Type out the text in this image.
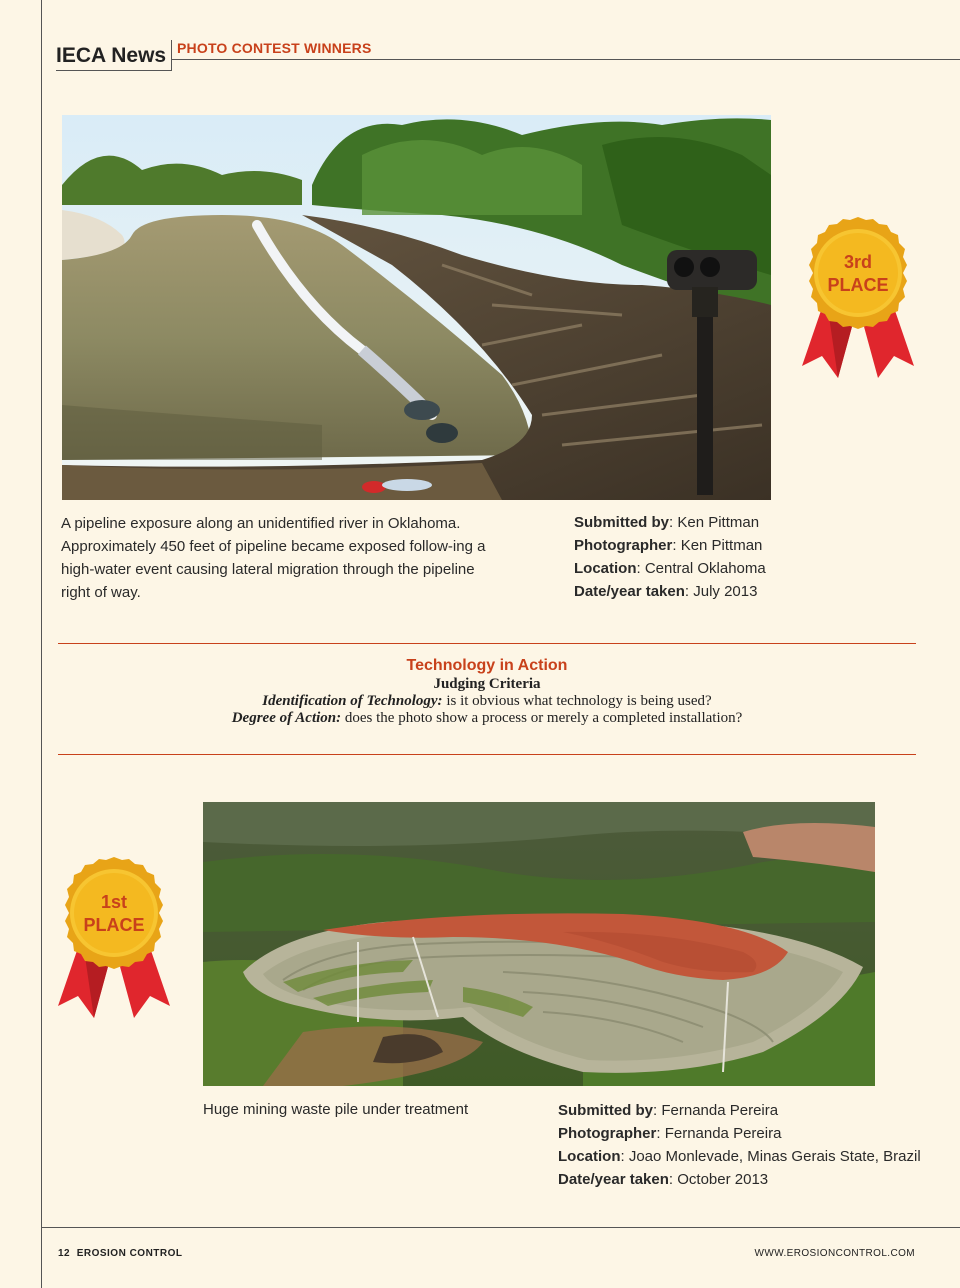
IECA News PHOTO CONTEST WINNERS
3rd
PLACE
A pipeline exposure along an unidentified river in Oklahoma. Approximately 450 feet of pipeline became exposed follow-ing a high-water event causing lateral migration through the pipeline right of way.
Submitted by: Ken Pittman
Photographer: Ken Pittman
Location: Central Oklahoma
Date/year taken: July 2013
Technology in Action
Judging Criteria
Identification of Technology: is it obvious what technology is being used?
Degree of Action: does the photo show a process or merely a completed installation?
1st
PLACE
Huge mining waste pile under treatment	Submitted by: Fernanda Pereira
Photographer: Fernanda Pereira
Location: Joao Monlevade, Minas Gerais State, Brazil
Date/year taken: October 2013
12 EROSION CONTROL	WWW.EROSIONCONTROL.COM
